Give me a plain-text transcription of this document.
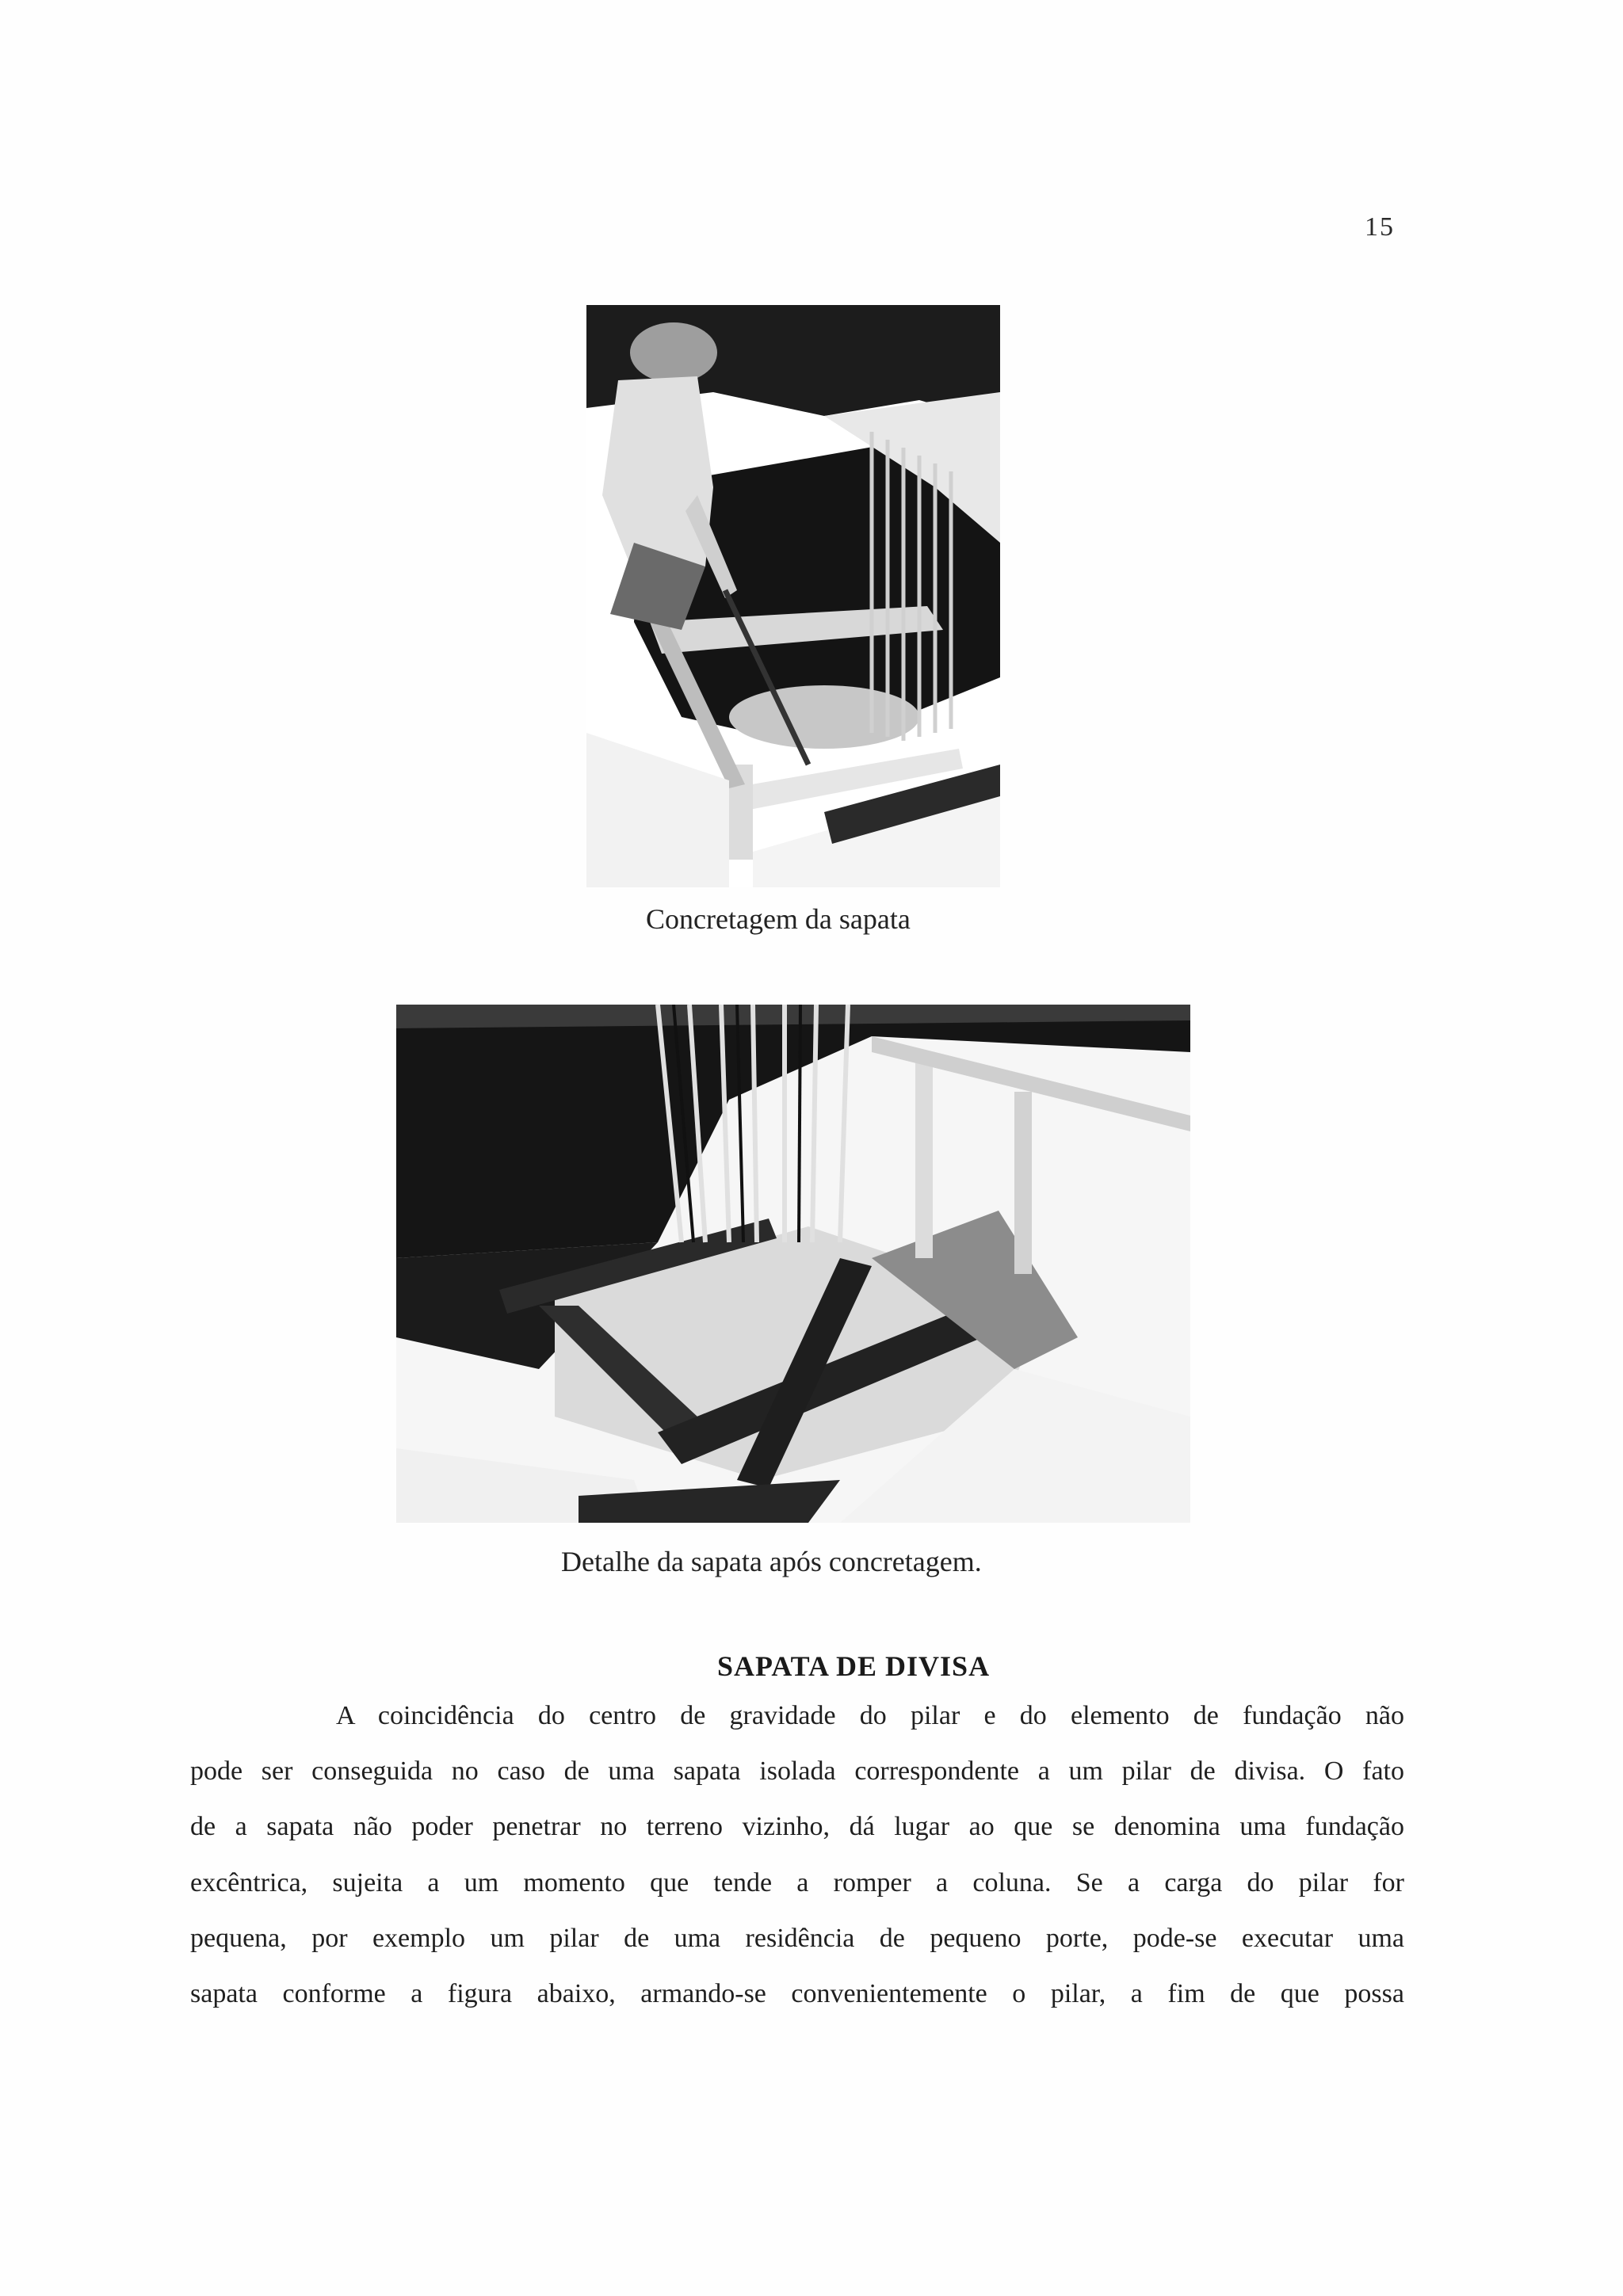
15
Concretagem da sapata
Detalhe da sapata após concretagem.
SAPATA DE DIVISA
A coincidência do centro de gravidade do pilar e do elemento de fundação não
pode ser conseguida no caso de uma sapata isolada correspondente a um pilar de divisa. O fato
de a sapata não poder penetrar no terreno vizinho, dá lugar ao que se denomina uma fundação
excêntrica, sujeita a um momento que tende a romper a coluna. Se a carga do pilar for
pequena, por exemplo um pilar de uma residência de pequeno porte, pode-se executar uma
sapata conforme a figura abaixo, armando-se convenientemente o pilar, a fim de que possa
